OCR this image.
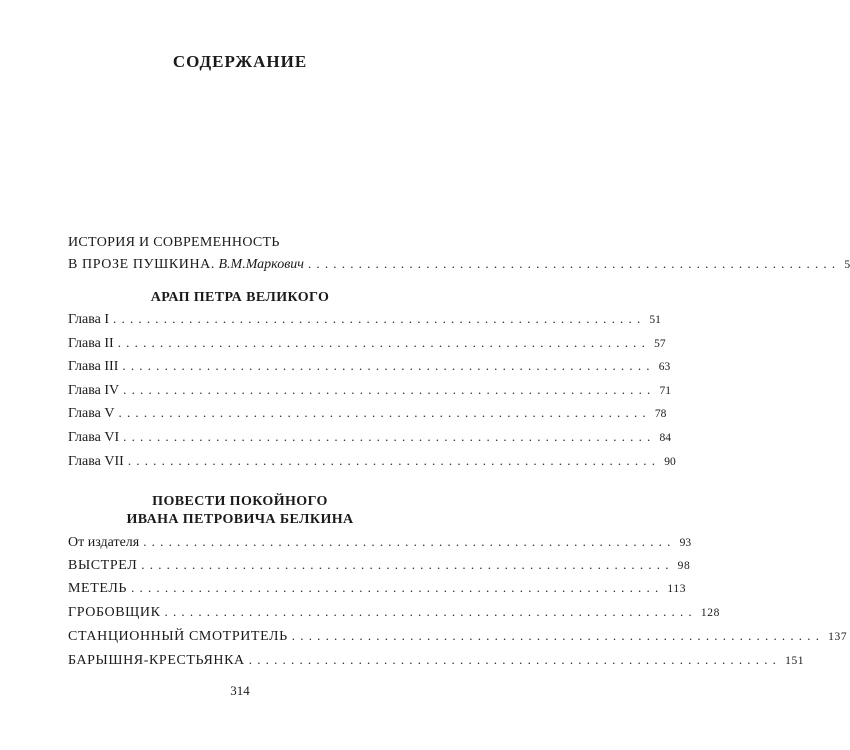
СОДЕРЖАНИЕ
ИСТОРИЯ И СОВРЕМЕННОСТЬ
В ПРОЗЕ ПУШКИНА. В.М.Маркович ............................................................... 5
АРАП ПЕТРА ВЕЛИКОГО
Глава I ............................................................... 51
Глава II ............................................................... 57
Глава III ............................................................... 63
Глава IV ............................................................... 71
Глава V ............................................................... 78
Глава VI ............................................................... 84
Глава VII ............................................................... 90
ПОВЕСТИ ПОКОЙНОГО
ИВАНА ПЕТРОВИЧА БЕЛКИНА
От издателя ............................................................... 93
ВЫСТРЕЛ ............................................................... 98
МЕТЕЛЬ ............................................................... 113
ГРОБОВЩИК ............................................................... 128
СТАНЦИОННЫЙ СМОТРИТЕЛЬ ............................................................... 137
БАРЫШНЯ-КРЕСТЬЯНКА ............................................................... 151
314
